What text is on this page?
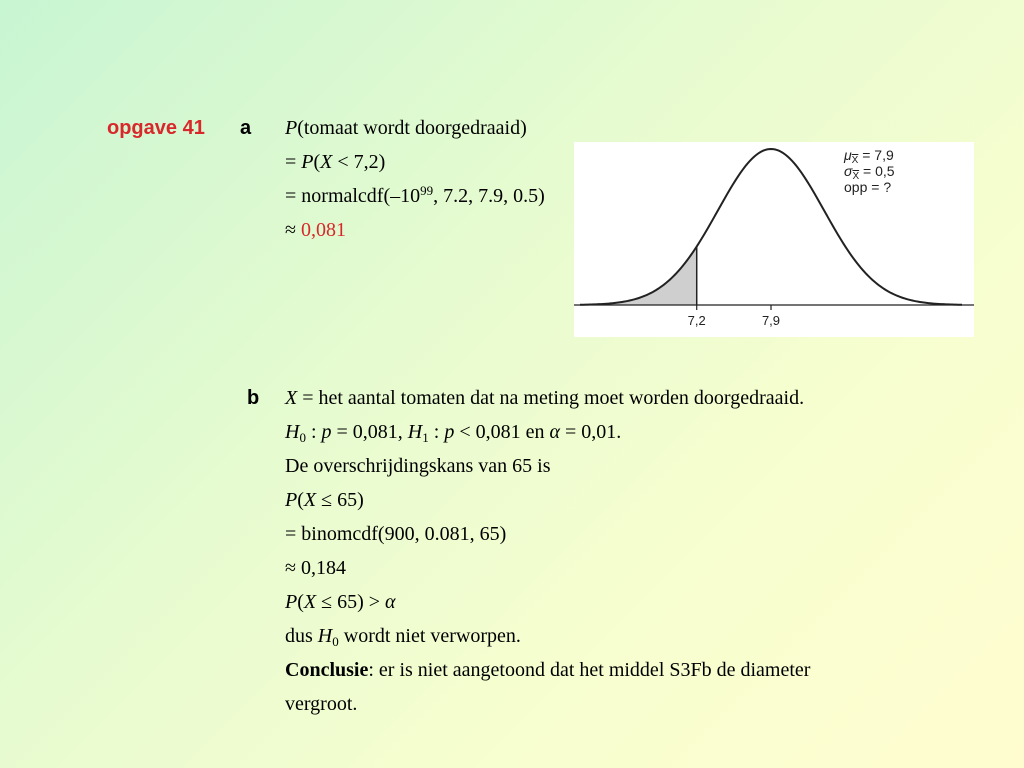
opgave 41 a
b
P(tomaat wordt doorgedraaid)
= P(X < 7,2)
= $normalcdf(-10^{99}$, 7.2, 7.9, 0.5)
≈ 0,081
7,2	7,9
$\mu_{\overline{X}} = 7,9$
$\sigma_{\overline{X}} = 0,5$
opp = ?
X = het aantal tomaten dat na meting moet worden doorgedraaid.
$H_0$ : p = 0,081, $H_1$ : p < 0,081 en α = 0,01.
De overschrijdingskans van 65 is
P(X ≤ 65)
= binomcdf(900, 0.081, 65)
≈ 0,184
P(X ≤ 65) > α
dus $H_0$ wordt niet verworpen.
Conclusie: er is niet aangetoond dat het middel S3Fb de diameter
vergroot.
